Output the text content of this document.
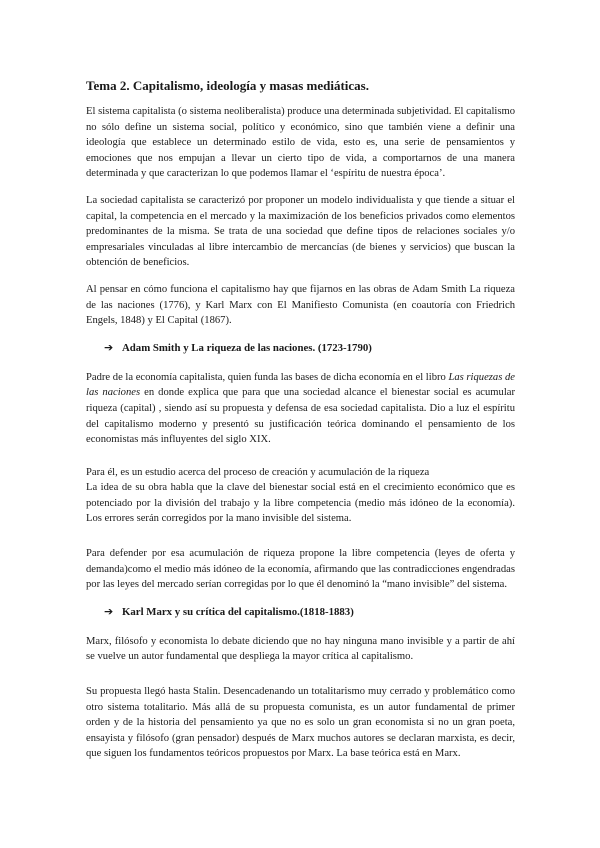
Tema 2. Capitalismo, ideología y masas mediáticas.

El sistema capitalista (o sistema neoliberalista) produce una determinada subjetividad. El capitalismo no sólo define un sistema social, político y económico, sino que también viene a definir una ideología que establece un determinado estilo de vida, esto es, una serie de pensamientos y emociones que nos empujan a llevar un cierto tipo de vida, a comportarnos de una manera determinada y que caracterizan lo que podemos llamar el ‘espíritu de nuestra época’.

La sociedad capitalista se caracterizó por proponer un modelo individualista y que tiende a situar el capital, la competencia en el mercado y la maximización de los beneficios privados como elementos predominantes de la misma. Se trata de una sociedad que define tipos de relaciones sociales y/o empresariales vinculadas al libre intercambio de mercancías (de bienes y servicios) que buscan la obtención de beneficios.

Al pensar en cómo funciona el capitalismo hay que fijarnos en las obras de Adam Smith La riqueza de las naciones (1776), y Karl Marx con El Manifiesto Comunista (en coautoría con Friedrich Engels, 1848) y El Capital (1867).

➔ Adam Smith y La riqueza de las naciones. (1723-1790)

Padre de la economía capitalista, quien funda las bases de dicha economía en el libro Las riquezas de las naciones en donde explica que para que una sociedad alcance el bienestar social es acumular riqueza (capital) , siendo así su propuesta y defensa de esa sociedad capitalista. Dio a luz el espíritu del capitalismo moderno y presentó su justificación teórica dominando el pensamiento de los economistas más influyentes del siglo XIX.

Para él, es un estudio acerca del proceso de creación y acumulación de la riqueza

La idea de su obra habla que la clave del bienestar social está en el crecimiento económico que es potenciado por la división del trabajo y la libre competencia (medio más idóneo de la economía). Los errores serán corregidos por la mano invisible del sistema.

Para defender por esa acumulación de riqueza propone la libre competencia (leyes de oferta y demanda)como el medio más idóneo de la economía, afirmando que las contradicciones engendradas por las leyes del mercado serían corregidas por lo que él denominó la “mano invisible” del sistema.

➔ Karl Marx y su crítica del capitalismo.(1818-1883)

Marx, filósofo y economista lo debate diciendo que no hay ninguna mano invisible y a partir de ahí se vuelve un autor fundamental que despliega la mayor crítica al capitalismo.

Su propuesta llegó hasta Stalin. Desencadenando un totalitarismo muy cerrado y problemático como otro sistema totalitario. Más allá de su propuesta comunista, es un autor fundamental de primer orden y de la historia del pensamiento ya que no es solo un gran economista si no un gran poeta, ensayista y filósofo (gran pensador) después de Marx muchos autores se declaran marxista, es decir, que siguen los fundamentos teóricos propuestos por Marx. La base teórica está en Marx.
